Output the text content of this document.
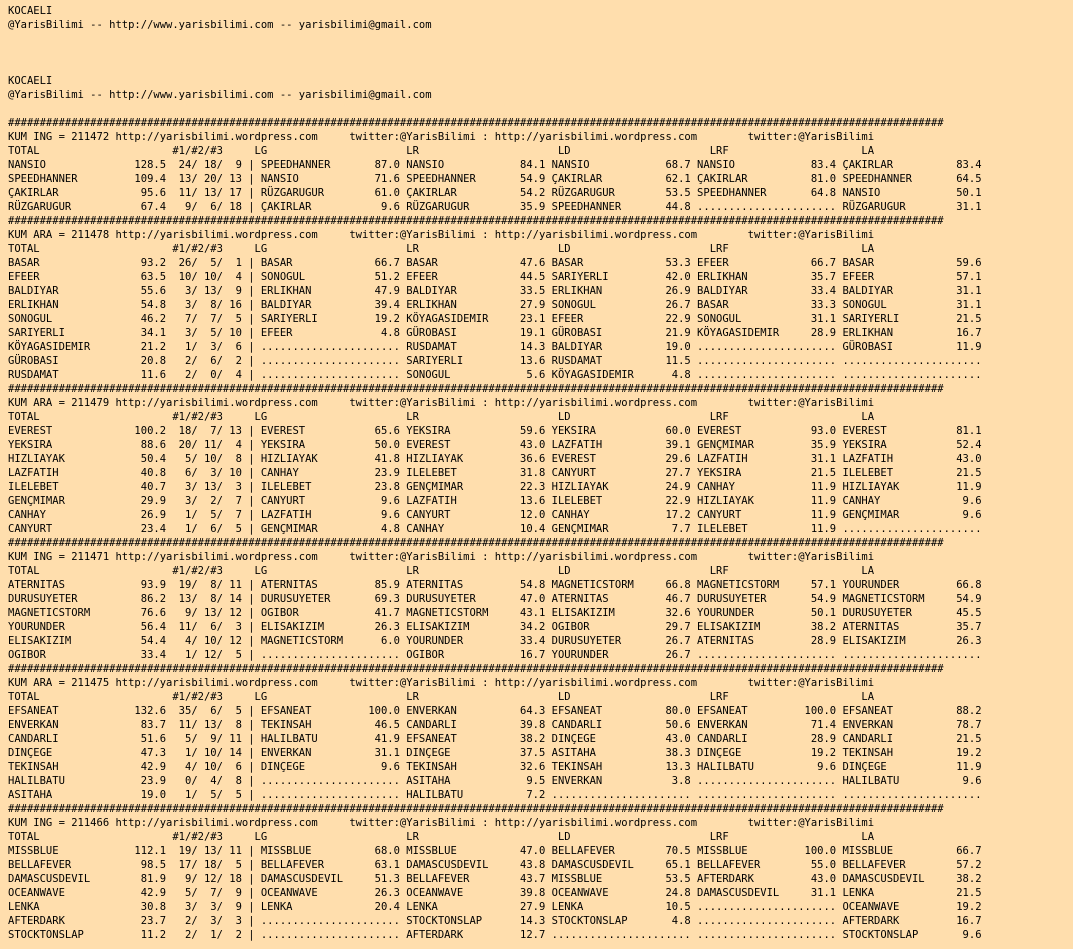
KOCAELI
@YarisBilimi -- http://www.yarisbilimi.com -- yarisbilimi@gmail.com
KOCAELI
@YarisBilimi -- http://www.yarisbilimi.com -- yarisbilimi@gmail.com
####################################################################################################################################################
KUM ING = 211472 http://yarisbilimi.wordpress.com     twitter:@YarisBilimi : http://yarisbilimi.wordpress.com        twitter:@YarisBilimi
TOTAL                     #1/#2/#3     LG                      LR                      LD                      LRF                     LA
NANSIO              128.5  24/ 18/  9 | SPEEDHANNER       87.0 NANSIO            84.1 NANSIO            68.7 NANSIO            83.4 ÇAKIRLAR          83.4
SPEEDHANNER         109.4  13/ 20/ 13 | NANSIO            71.6 SPEEDHANNER       54.9 ÇAKIRLAR          62.1 ÇAKIRLAR          81.0 SPEEDHANNER       64.5
ÇAKIRLAR             95.6  11/ 13/ 17 | RÜZGARUGUR        61.0 ÇAKIRLAR          54.2 RÜZGARUGUR        53.5 SPEEDHANNER       64.8 NANSIO            50.1
RÜZGARUGUR           67.4   9/  6/ 18 | ÇAKIRLAR           9.6 RÜZGARUGUR        35.9 SPEEDHANNER       44.8 ...................... RÜZGARUGUR        31.1
####################################################################################################################################################
KUM ARA = 211478 http://yarisbilimi.wordpress.com     twitter:@YarisBilimi : http://yarisbilimi.wordpress.com        twitter:@YarisBilimi
TOTAL                     #1/#2/#3     LG                      LR                      LD                      LRF                     LA
BASAR                93.2  26/  5/  1 | BASAR             66.7 BASAR             47.6 BASAR             53.3 EFEER             66.7 BASAR             59.6
EFEER                63.5  10/ 10/  4 | SONOGUL           51.2 EFEER             44.5 SARIYERLI         42.0 ERLIKHAN          35.7 EFEER             57.1
BALDIYAR             55.6   3/ 13/  9 | ERLIKHAN          47.9 BALDIYAR          33.5 ERLIKHAN          26.9 BALDIYAR          33.4 BALDIYAR          31.1
ERLIKHAN             54.8   3/  8/ 16 | BALDIYAR          39.4 ERLIKHAN          27.9 SONOGUL           26.7 BASAR             33.3 SONOGUL           31.1
SONOGUL              46.2   7/  7/  5 | SARIYERLI         19.2 KÖYAGASIDEMIR     23.1 EFEER             22.9 SONOGUL           31.1 SARIYERLI         21.5
SARIYERLI            34.1   3/  5/ 10 | EFEER              4.8 GÜROBASI          19.1 GÜROBASI          21.9 KÖYAGASIDEMIR     28.9 ERLIKHAN          16.7
KÖYAGASIDEMIR        21.2   1/  3/  6 | ...................... RUSDAMAT          14.3 BALDIYAR          19.0 ...................... GÜROBASI          11.9
GÜROBASI             20.8   2/  6/  2 | ...................... SARIYERLI         13.6 RUSDAMAT          11.5 ...................... ......................
RUSDAMAT             11.6   2/  0/  4 | ...................... SONOGUL            5.6 KÖYAGASIDEMIR      4.8 ...................... ......................
####################################################################################################################################################
KUM ARA = 211479 http://yarisbilimi.wordpress.com     twitter:@YarisBilimi : http://yarisbilimi.wordpress.com        twitter:@YarisBilimi
TOTAL                     #1/#2/#3     LG                      LR                      LD                      LRF                     LA
EVEREST             100.2  18/  7/ 13 | EVEREST           65.6 YEKSIRA           59.6 YEKSIRA           60.0 EVEREST           93.0 EVEREST           81.1
YEKSIRA              88.6  20/ 11/  4 | YEKSIRA           50.0 EVEREST           43.0 LAZFATIH          39.1 GENÇMIMAR         35.9 YEKSIRA           52.4
HIZLIAYAK            50.4   5/ 10/  8 | HIZLIAYAK         41.8 HIZLIAYAK         36.6 EVEREST           29.6 LAZFATIH          31.1 LAZFATIH          43.0
LAZFATIH             40.8   6/  3/ 10 | CANHAY            23.9 ILELEBET          31.8 CANYURT           27.7 YEKSIRA           21.5 ILELEBET          21.5
ILELEBET             40.7   3/ 13/  3 | ILELEBET          23.8 GENÇMIMAR         22.3 HIZLIAYAK         24.9 CANHAY            11.9 HIZLIAYAK         11.9
GENÇMIMAR            29.9   3/  2/  7 | CANYURT            9.6 LAZFATIH          13.6 ILELEBET          22.9 HIZLIAYAK         11.9 CANHAY             9.6
CANHAY               26.9   1/  5/  7 | LAZFATIH           9.6 CANYURT           12.0 CANHAY            17.2 CANYURT           11.9 GENÇMIMAR          9.6
CANYURT              23.4   1/  6/  5 | GENÇMIMAR          4.8 CANHAY            10.4 GENÇMIMAR          7.7 ILELEBET          11.9 ......................
####################################################################################################################################################
KUM ING = 211471 http://yarisbilimi.wordpress.com     twitter:@YarisBilimi : http://yarisbilimi.wordpress.com        twitter:@YarisBilimi
TOTAL                     #1/#2/#3     LG                      LR                      LD                      LRF                     LA
ATERNITAS            93.9  19/  8/ 11 | ATERNITAS         85.9 ATERNITAS         54.8 MAGNETICSTORM     66.8 MAGNETICSTORM     57.1 YOURUNDER         66.8
DURUSUYETER          86.2  13/  8/ 14 | DURUSUYETER       69.3 DURUSUYETER       47.0 ATERNITAS         46.7 DURUSUYETER       54.9 MAGNETICSTORM     54.9
MAGNETICSTORM        76.6   9/ 13/ 12 | OGIBOR            41.7 MAGNETICSTORM     43.1 ELISAKIZIM        32.6 YOURUNDER         50.1 DURUSUYETER       45.5
YOURUNDER            56.4  11/  6/  3 | ELISAKIZIM        26.3 ELISAKIZIM        34.2 OGIBOR            29.7 ELISAKIZIM        38.2 ATERNITAS         35.7
ELISAKIZIM           54.4   4/ 10/ 12 | MAGNETICSTORM      6.0 YOURUNDER         33.4 DURUSUYETER       26.7 ATERNITAS         28.9 ELISAKIZIM        26.3
OGIBOR               33.4   1/ 12/  5 | ...................... OGIBOR            16.7 YOURUNDER         26.7 ...................... ......................
####################################################################################################################################################
KUM ARA = 211475 http://yarisbilimi.wordpress.com     twitter:@YarisBilimi : http://yarisbilimi.wordpress.com        twitter:@YarisBilimi
TOTAL                     #1/#2/#3     LG                      LR                      LD                      LRF                     LA
EFSANEAT            132.6  35/  6/  5 | EFSANEAT         100.0 ENVERKAN          64.3 EFSANEAT          80.0 EFSANEAT         100.0 EFSANEAT          88.2
ENVERKAN             83.7  11/ 13/  8 | TEKINSAH          46.5 CANDARLI          39.8 CANDARLI          50.6 ENVERKAN          71.4 ENVERKAN          78.7
CANDARLI             51.6   5/  9/ 11 | HALILBATU         41.9 EFSANEAT          38.2 DINÇEGE           43.0 CANDARLI          28.9 CANDARLI          21.5
DINÇEGE              47.3   1/ 10/ 14 | ENVERKAN          31.1 DINÇEGE           37.5 ASITAHA           38.3 DINÇEGE           19.2 TEKINSAH          19.2
TEKINSAH             42.9   4/ 10/  6 | DINÇEGE            9.6 TEKINSAH          32.6 TEKINSAH          13.3 HALILBATU          9.6 DINÇEGE           11.9
HALILBATU            23.9   0/  4/  8 | ...................... ASITAHA            9.5 ENVERKAN           3.8 ...................... HALILBATU          9.6
ASITAHA              19.0   1/  5/  5 | ...................... HALILBATU          7.2 ...................... ...................... ......................
####################################################################################################################################################
KUM ING = 211466 http://yarisbilimi.wordpress.com     twitter:@YarisBilimi : http://yarisbilimi.wordpress.com        twitter:@YarisBilimi
TOTAL                     #1/#2/#3     LG                      LR                      LD                      LRF                     LA
MISSBLUE            112.1  19/ 13/ 11 | MISSBLUE          68.0 MISSBLUE          47.0 BELLAFEVER        70.5 MISSBLUE         100.0 MISSBLUE          66.7
BELLAFEVER           98.5  17/ 18/  5 | BELLAFEVER        63.1 DAMASCUSDEVIL     43.8 DAMASCUSDEVIL     65.1 BELLAFEVER        55.0 BELLAFEVER        57.2
DAMASCUSDEVIL        81.9   9/ 12/ 18 | DAMASCUSDEVIL     51.3 BELLAFEVER        43.7 MISSBLUE          53.5 AFTERDARK         43.0 DAMASCUSDEVIL     38.2
OCEANWAVE            42.9   5/  7/  9 | OCEANWAVE         26.3 OCEANWAVE         39.8 OCEANWAVE         24.8 DAMASCUSDEVIL     31.1 LENKA             21.5
LENKA                30.8   3/  3/  9 | LENKA             20.4 LENKA             27.9 LENKA             10.5 ...................... OCEANWAVE         19.2
AFTERDARK            23.7   2/  3/  3 | ...................... STOCKTONSLAP      14.3 STOCKTONSLAP       4.8 ...................... AFTERDARK         16.7
STOCKTONSLAP         11.2   2/  1/  2 | ...................... AFTERDARK         12.7 ...................... ...................... STOCKTONSLAP       9.6
